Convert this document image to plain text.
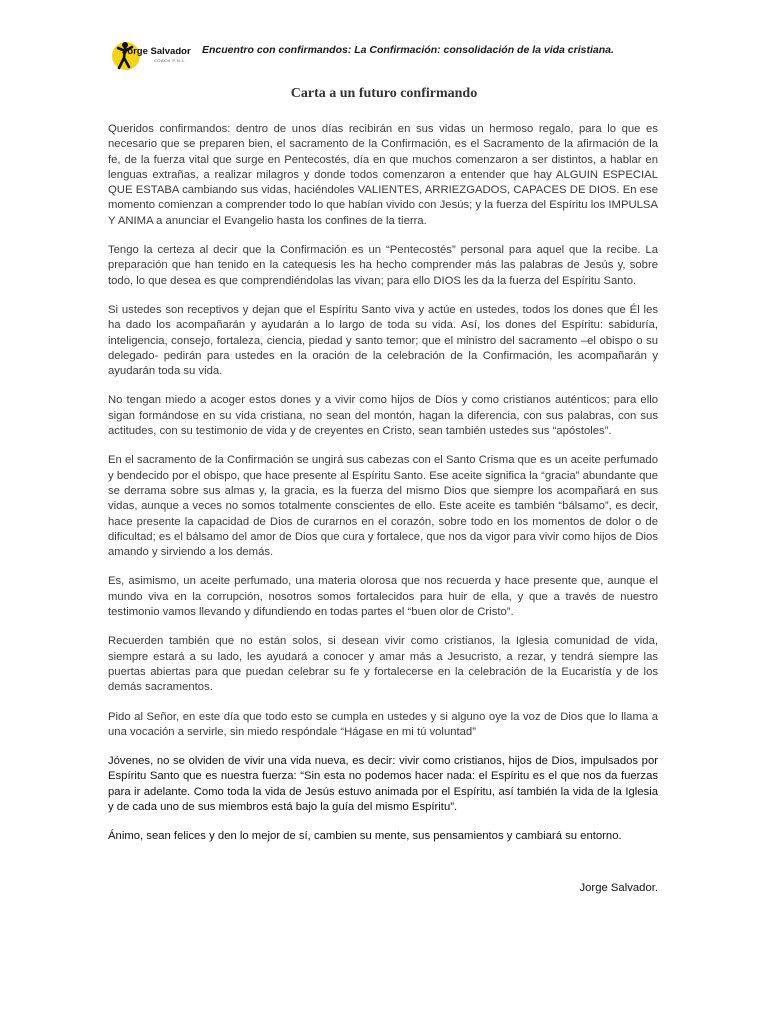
Jorge Salvador
COACH P.N.L.
Encuentro con confirmandos: La Confirmación: consolidación de la vida cristiana.
Carta a un futuro confirmando

Queridos confirmandos: dentro de unos días recibirán en sus vidas un hermoso regalo, para lo que es necesario que se preparen bien, el sacramento de la Confirmación, es el Sacramento de la afirmación de la fe, de la fuerza vital que surge en Pentecostés, día en que muchos comenzaron a ser distintos, a hablar en lenguas extrañas, a realizar milagros y donde todos comenzaron a entender que hay ALGUIN ESPECIAL QUE ESTABA cambiando sus vidas, haciéndoles VALIENTES, ARRIEZGADOS, CAPACES DE DIOS. En ese momento comienzan a comprender todo lo que habían vivido con Jesús; y la fuerza del Espíritu los IMPULSA Y ANIMA a anunciar el Evangelio hasta los confines de la tierra.

Tengo la certeza al decir que la Confirmación es un “Pentecostés” personal para aquel que la recibe. La preparación que han tenido en la catequesis les ha hecho comprender más las palabras de Jesús y, sobre todo, lo que desea es que comprendiéndolas las vivan; para ello DIOS les da la fuerza del Espíritu Santo.

Si ustedes son receptivos y dejan que el Espíritu Santo viva y actúe en ustedes, todos los dones que Él les ha dado los acompañarán y ayudarán a lo largo de toda su vida. Así, los dones del Espíritu: sabiduría, inteligencia, consejo, fortaleza, ciencia, piedad y santo temor; que el ministro del sacramento –el obispo o su delegado- pedirán para ustedes en la oración de la celebración de la Confirmación, les acompañarán y ayudarán toda su vida.

No tengan miedo a acoger estos dones y a vivir como hijos de Dios y como cristianos auténticos; para ello sigan formándose en su vida cristiana, no sean del montón, hagan la diferencia, con sus palabras, con sus actitudes, con su testimonio de vida y de creyentes en Cristo, sean también ustedes sus “apóstoles”.

En el sacramento de la Confirmación se ungirá sus cabezas con el Santo Crisma que es un aceite perfumado y bendecido por el obispo, que hace presente al Espíritu Santo. Ese aceite significa la “gracia” abundante que se derrama sobre sus almas y, la gracia, es la fuerza del mismo Dios que siempre los acompañará en sus vidas, aunque a veces no somos totalmente conscientes de ello. Este aceite es también “bálsamo”, es decir, hace presente la capacidad de Dios de curarnos en el corazón, sobre todo en los momentos de dolor o de dificultad; es el bálsamo del amor de Dios que cura y fortalece, que nos da vigor para vivir como hijos de Dios amando y sirviendo a los demás.

Es, asimismo, un aceite perfumado, una materia olorosa que nos recuerda y hace presente que, aunque el mundo viva en la corrupción, nosotros somos fortalecidos para huir de ella, y que a través de nuestro testimonio vamos llevando y difundiendo en todas partes el “buen olor de Cristo”.

Recuerden también que no están solos, si desean vivir como cristianos, la Iglesia comunidad de vida, siempre estará a su lado, les ayudará a conocer y amar más a Jesucristo, a rezar, y tendrá siempre las puertas abiertas para que puedan celebrar su fe y fortalecerse en la celebración de la Eucaristía y de los demás sacramentos.

Pido al Señor, en este día que todo esto se cumpla en ustedes y si alguno oye la voz de Dios que lo llama a una vocación a servirle, sin miedo respóndale “Hágase en mi tú voluntad”

Jóvenes, no se olviden de vivir una vida nueva, es decir: vivir como cristianos, hijos de Dios, impulsados por Espíritu Santo que es nuestra fuerza: “Sin esta no podemos hacer nada: el Espíritu es el que nos da fuerzas para ir adelante. Como toda la vida de Jesús estuvo animada por el Espíritu, así también la vida de la Iglesia y de cada uno de sus miembros está bajo la guía del mismo Espíritu”.

Ánimo, sean felices y den lo mejor de sí, cambien su mente, sus pensamientos y cambiará su entorno.

Jorge Salvador.
